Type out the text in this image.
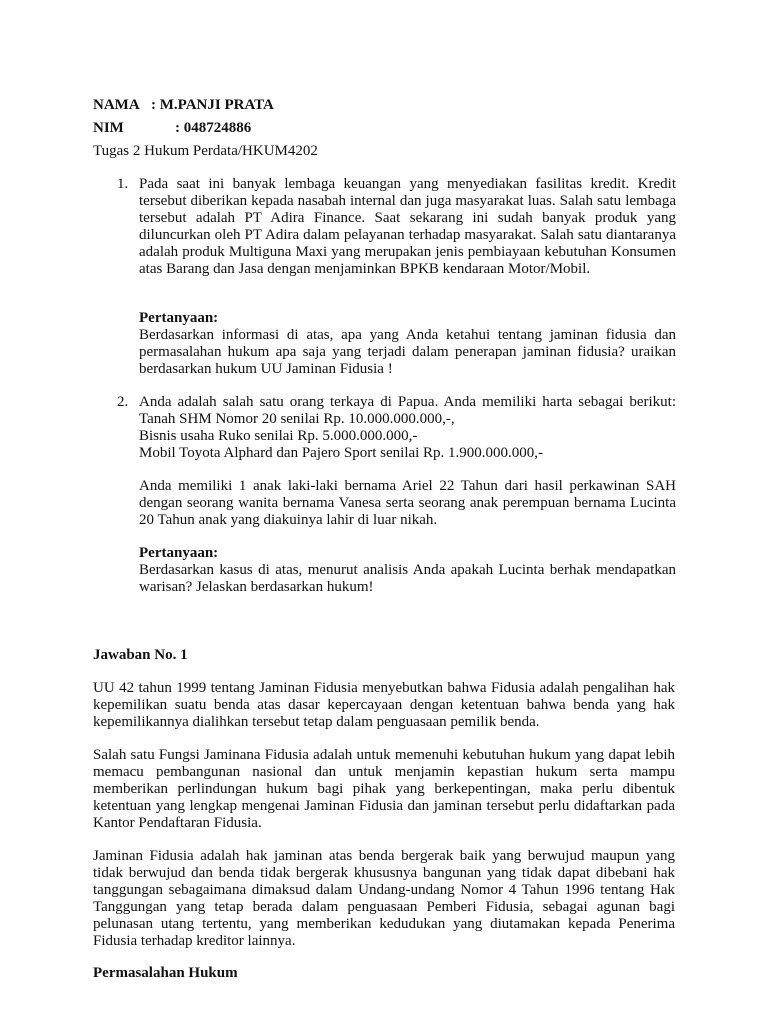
NAMA : M.PANJI PRATA
NIM	: 048724886
Tugas 2 Hukum Perdata/HKUM4202
1. Pada saat ini banyak lembaga keuangan yang menyediakan fasilitas kredit. Kredit tersebut diberikan kepada nasabah internal dan juga masyarakat luas. Salah satu lembaga tersebut adalah PT Adira Finance. Saat sekarang ini sudah banyak produk yang diluncurkan oleh PT Adira dalam pelayanan terhadap masyarakat. Salah satu diantaranya adalah produk Multiguna Maxi yang merupakan jenis pembiayaan kebutuhan Konsumen atas Barang dan Jasa dengan menjaminkan BPKB kendaraan Motor/Mobil.
Pertanyaan:
Berdasarkan informasi di atas, apa yang Anda ketahui tentang jaminan fidusia dan permasalahan hukum apa saja yang terjadi dalam penerapan jaminan fidusia? uraikan berdasarkan hukum UU Jaminan Fidusia !
2. Anda adalah salah satu orang terkaya di Papua. Anda memiliki harta sebagai berikut: Tanah SHM Nomor 20 senilai Rp. 10.000.000.000,-,
Bisnis usaha Ruko senilai Rp. 5.000.000.000,-
Mobil Toyota Alphard dan Pajero Sport senilai Rp. 1.900.000.000,-
Anda memiliki 1 anak laki-laki bernama Ariel 22 Tahun dari hasil perkawinan SAH dengan seorang wanita bernama Vanesa serta seorang anak perempuan bernama Lucinta 20 Tahun anak yang diakuinya lahir di luar nikah.
Pertanyaan:
Berdasarkan kasus di atas, menurut analisis Anda apakah Lucinta berhak mendapatkan warisan? Jelaskan berdasarkan hukum!
Jawaban No. 1
UU 42 tahun 1999 tentang Jaminan Fidusia menyebutkan bahwa Fidusia adalah pengalihan hak kepemilikan suatu benda atas dasar kepercayaan dengan ketentuan bahwa benda yang hak kepemilikannya dialihkan tersebut tetap dalam penguasaan pemilik benda.
Salah satu Fungsi Jaminana Fidusia adalah untuk memenuhi kebutuhan hukum yang dapat lebih memacu pembangunan nasional dan untuk menjamin kepastian hukum serta mampu memberikan perlindungan hukum bagi pihak yang berkepentingan, maka perlu dibentuk ketentuan yang lengkap mengenai Jaminan Fidusia dan jaminan tersebut perlu didaftarkan pada Kantor Pendaftaran Fidusia.
Jaminan Fidusia adalah hak jaminan atas benda bergerak baik yang berwujud maupun yang tidak berwujud dan benda tidak bergerak khususnya bangunan yang tidak dapat dibebani hak tanggungan sebagaimana dimaksud dalam Undang-undang Nomor 4 Tahun 1996 tentang Hak Tanggungan yang tetap berada dalam penguasaan Pemberi Fidusia, sebagai agunan bagi pelunasan utang tertentu, yang memberikan kedudukan yang diutamakan kepada Penerima Fidusia terhadap kreditor lainnya.
Permasalahan Hukum
